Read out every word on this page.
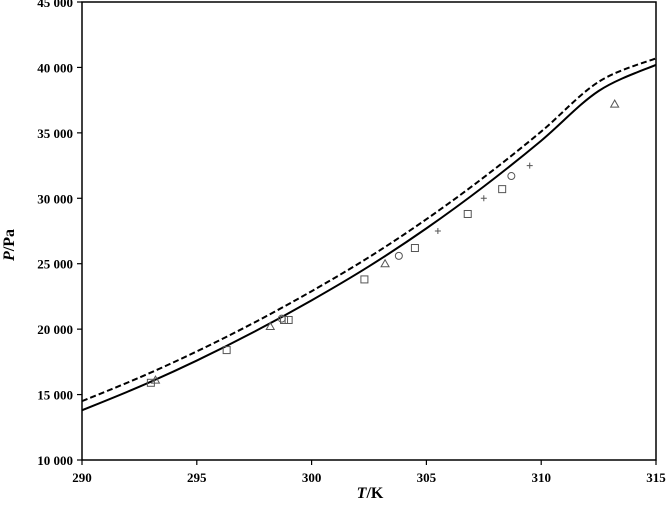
290	295	300	305	310	315
10 000
15 000
20 000
25 000
30 000
35 000
40 000
45 000
P/Pa
T/K
